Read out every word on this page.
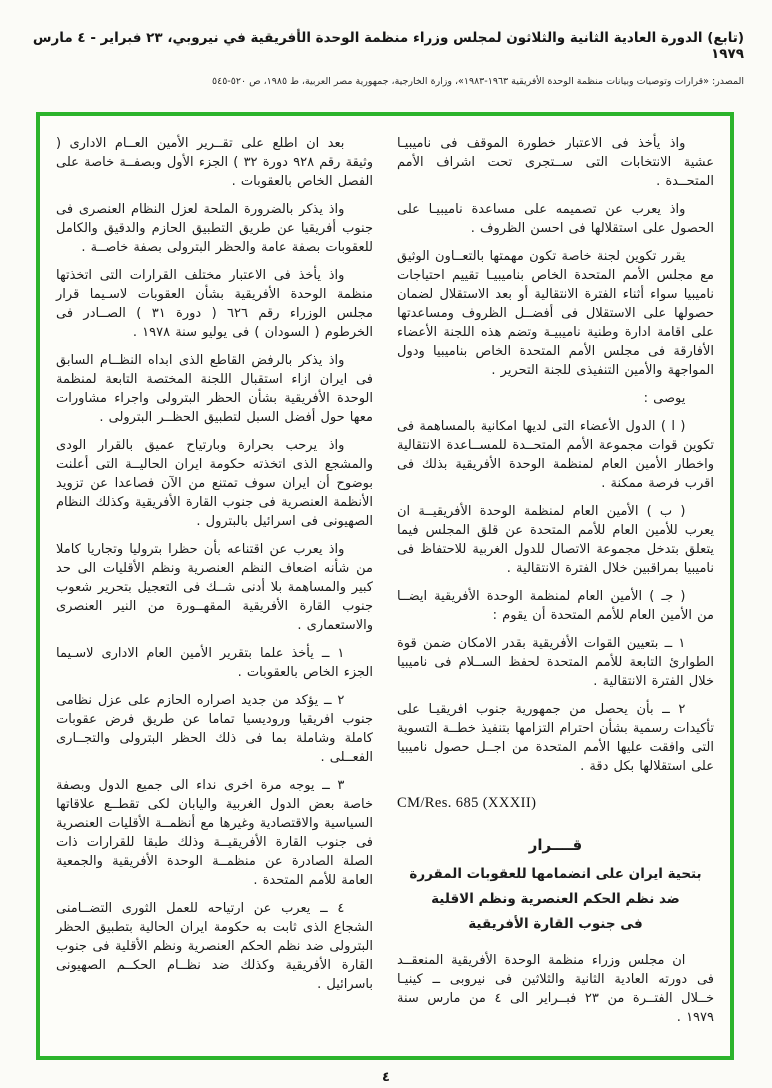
(تابع) الدورة العادية الثانية والثلاثون لمجلس وزراء منظمة الوحدة الأفريقية في نيروبي، ٢٣ فبراير - ٤ مارس ١٩٧٩
المصدر: «قرارات وتوصيات وبيانات منظمة الوحدة الأفريقية ١٩٦٣-١٩٨٣»، وزارة الخارجية، جمهورية مصر العربية، ط ١٩٨٥، ص ٥٢٠-٥٤٥

واذ يأخذ فى الاعتبار خطورة الموقف فى ناميبيـا عشية الانتخابات التى ســتجرى تحت اشراف الأمم المتحــدة .

واذ يعرب عن تصميمه على مساعدة ناميبيـا على الحصول على استقلالها فى احسن الظروف .

يقرر تكوين لجنة خاصة تكون مهمتها بالتعــاون الوثيق مع مجلس الأمم المتحدة الخاص بناميبيـا تقييم احتياجات ناميبيا سواء أثناء الفترة الانتقالية أو بعد الاستقلال لضمان حصولها على الاستقلال فى أفضــل الظروف ومساعدتها على اقامة ادارة وطنية ناميبيـة وتضم هذه اللجنة الأعضاء الأفارقة فى مجلس الأمم المتحدة الخاص بناميبيا ودول المواجهة والأمين التنفيذى للجنة التحرير .

يوصى :

( ا ) الدول الأعضاء التى لديها امكانية بالمساهمة فى تكوين قوات مجموعة الأمم المتحــدة للمســاعدة الانتقالية واخطار الأمين العام لمنظمة الوحدة الأفريقية بذلك فى اقرب فرصة ممكنة .

( ب ) الأمين العام لمنظمة الوحدة الأفريقيــة ان يعرب للأمين العام للأمم المتحدة عن قلق المجلس فيما يتعلق بتدخل مجموعة الاتصال للدول الغربية للاحتفاظ فى ناميبيا بمراقبين خلال الفترة الانتقالية .

( جـ ) الأمين العام لمنظمة الوحدة الأفريقية ايضــا من الأمين العام للأمم المتحدة أن يقوم :

١ ــ بتعيين القوات الأفريقية بقدر الامكان ضمن قوة الطوارئ التابعة للأمم المتحدة لحفظ الســلام فى ناميبيا خلال الفترة الانتقالية .

٢ ــ بأن يحصل من جمهورية جنوب افريقيـا على تأكيدات رسمية بشأن احترام التزامها بتنفيذ خطــة التسوية التى وافقت عليها الأمم المتحدة من اجــل حصول ناميبيا على استقلالها بكل دقة .

CM/Res. 685 (XXXII)
قــــرار
بتحية ايران على انضمامها للعقوبات المقررة
ضد نظم الحكم العنصرية ونظم الاقلية
فى جنوب القارة الأفريقية

ان مجلس وزراء منظمة الوحدة الأفريقية المنعقــد فى دورته العادية الثانية والثلاثين فى نيروبى ــ كينيـا خــلال الفتــرة من ٢٣ فبــراير الى ٤ من مارس سنة ١٩٧٩ .

بعد ان اطلع على تقــرير الأمين العــام الادارى ( وثيقة رقم ٩٢٨ دورة ٣٢ ) الجزء الأول وبصفــة خاصة على الفصل الخاص بالعقوبات .

واذ يذكر بالضرورة الملحة لعزل النظام العنصرى فى جنوب أفريقيا عن طريق التطبيق الحازم والدقيق والكامل للعقوبات بصفة عامة والحظر البترولى بصفة خاصــة .

واذ يأخذ فى الاعتبار مختلف القرارات التى اتخذتها منظمة الوحدة الأفريقية بشأن العقوبات لاسـيما قرار مجلس الوزراء رقم ٦٢٦ ( دورة ٣١ ) الصــادر فى الخرطوم ( السودان ) فى يوليو سنة ١٩٧٨ .

واذ يذكر بالرفض القاطع الذى ابداه النظــام السابق فى ايران ازاء استقبال اللجنة المختصة التابعة لمنظمة الوحدة الأفريقية بشأن الحظر البترولى واجراء مشاورات معها حول أفضل السبل لتطبيق الحظــر البترولى .

واذ يرحب بحرارة وبارتياح عميق بالقرار الودى والمشجع الذى اتخذته حكومة ايران الحاليــة التى أعلنت بوضوح أن ايران سوف تمتنع من الآن فصاعدا عن تزويد الأنظمة العنصرية فى جنوب القارة الأفريقية وكذلك النظام الصهيونى فى اسرائيل بالبترول .

واذ يعرب عن اقتناعه بأن حظرا بتروليا وتجاريا كاملا من شأنه اضعاف النظم العنصرية ونظم الأقليات الى حد كبير والمساهمة بلا أدنى شــك فى التعجيل بتحرير شعوب جنوب القارة الأفريقية المقهــورة من النير العنصرى والاستعمارى .

١ ــ يأخذ علما بتقرير الأمين العام الادارى لاسـيما الجزء الخاص بالعقوبات .

٢ ــ يؤكد من جديد اصراره الحازم على عزل نظامى جنوب افريقيا وروديسيا تماما عن طريق فرض عقوبات كاملة وشاملة بما فى ذلك الحظر البترولى والتجــارى الفعــلى .

٣ ــ يوجه مرة اخرى نداء الى جميع الدول وبصفة خاصة بعض الدول الغربية واليابان لكى تقطــع علاقاتها السياسية والاقتصادية وغيرها مع أنظمــة الأقليات العنصرية فى جنوب القارة الأفريقيــة وذلك طبقا للقرارات ذات الصلة الصادرة عن منظمــة الوحدة الأفريقية والجمعية العامة للأمم المتحدة .

٤ ــ يعرب عن ارتياحه للعمل الثورى التضــامنى الشجاع الذى ثابت به حكومة ايران الحالية بتطبيق الحظر البترولى ضد نظم الحكم العنصرية ونظم الأقلية فى جنوب القارة الأفريقية وكذلك ضد نظــام الحكــم الصهيونى باسرائيل .

٤
